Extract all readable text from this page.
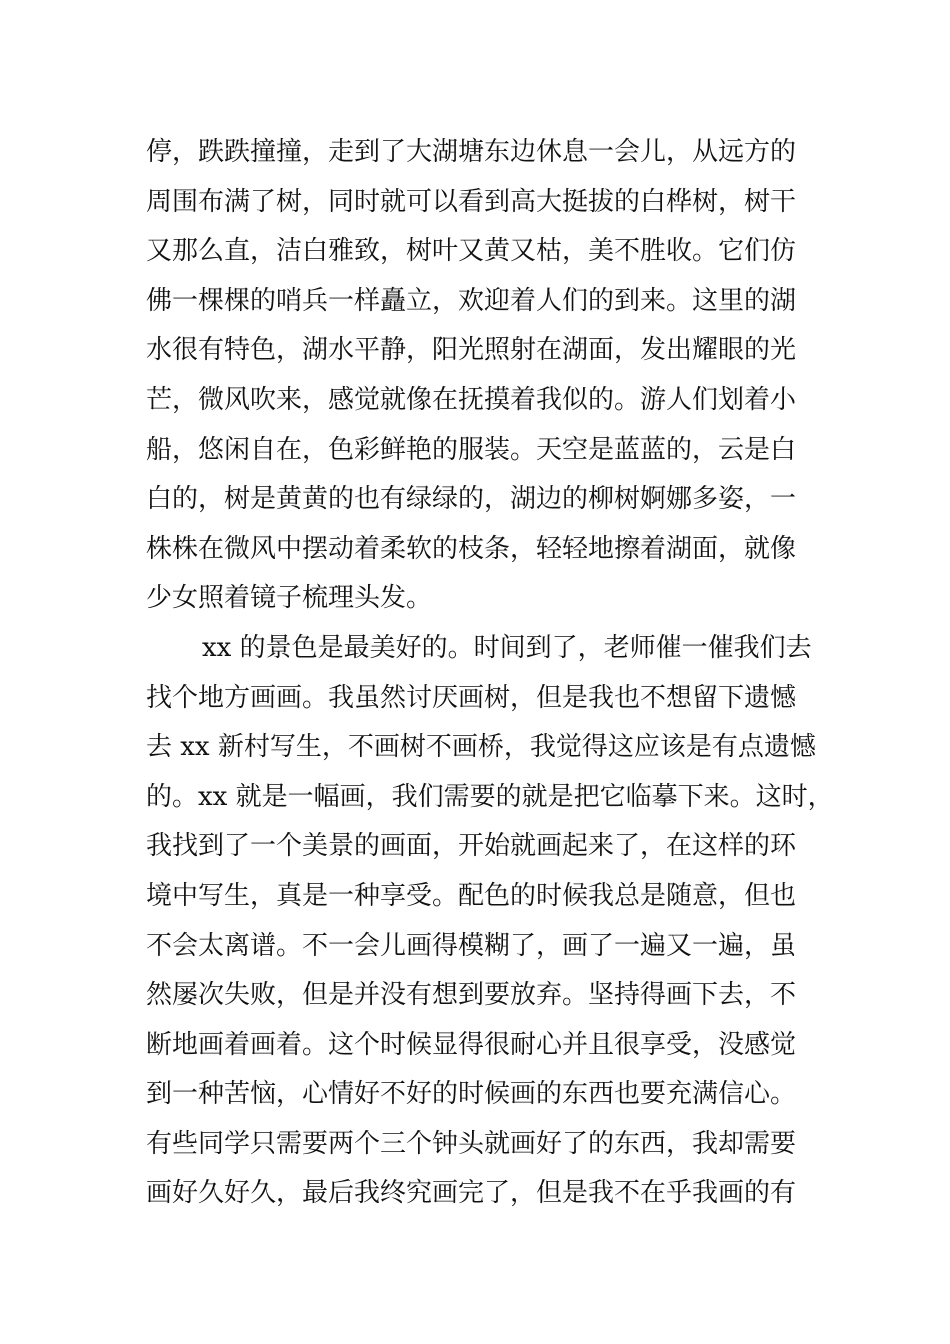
停，跌跌撞撞，走到了大湖塘东边休息一会儿，从远方的
周围布满了树，同时就可以看到高大挺拔的白桦树，树干
又那么直，洁白雅致，树叶又黄又枯，美不胜收。它们仿
佛一棵棵的哨兵一样矗立，欢迎着人们的到来。这里的湖
水很有特色，湖水平静，阳光照射在湖面，发出耀眼的光
芒，微风吹来，感觉就像在抚摸着我似的。游人们划着小
船，悠闲自在，色彩鲜艳的服装。天空是蓝蓝的，云是白
白的，树是黄黄的也有绿绿的，湖边的柳树婀娜多姿，一
株株在微风中摆动着柔软的枝条，轻轻地擦着湖面，就像
少女照着镜子梳理头发。
xx 的景色是最美好的。时间到了，老师催一催我们去
找个地方画画。我虽然讨厌画树，但是我也不想留下遗憾
去 xx 新村写生，不画树不画桥，我觉得这应该是有点遗憾
的。xx 就是一幅画，我们需要的就是把它临摹下来。这时，
我找到了一个美景的画面，开始就画起来了，在这样的环
境中写生，真是一种享受。配色的时候我总是随意，但也
不会太离谱。不一会儿画得模糊了，画了一遍又一遍，虽
然屡次失败，但是并没有想到要放弃。坚持得画下去，不
断地画着画着。这个时候显得很耐心并且很享受，没感觉
到一种苦恼，心情好不好的时候画的东西也要充满信心。
有些同学只需要两个三个钟头就画好了的东西，我却需要
画好久好久，最后我终究画完了，但是我不在乎我画的有
